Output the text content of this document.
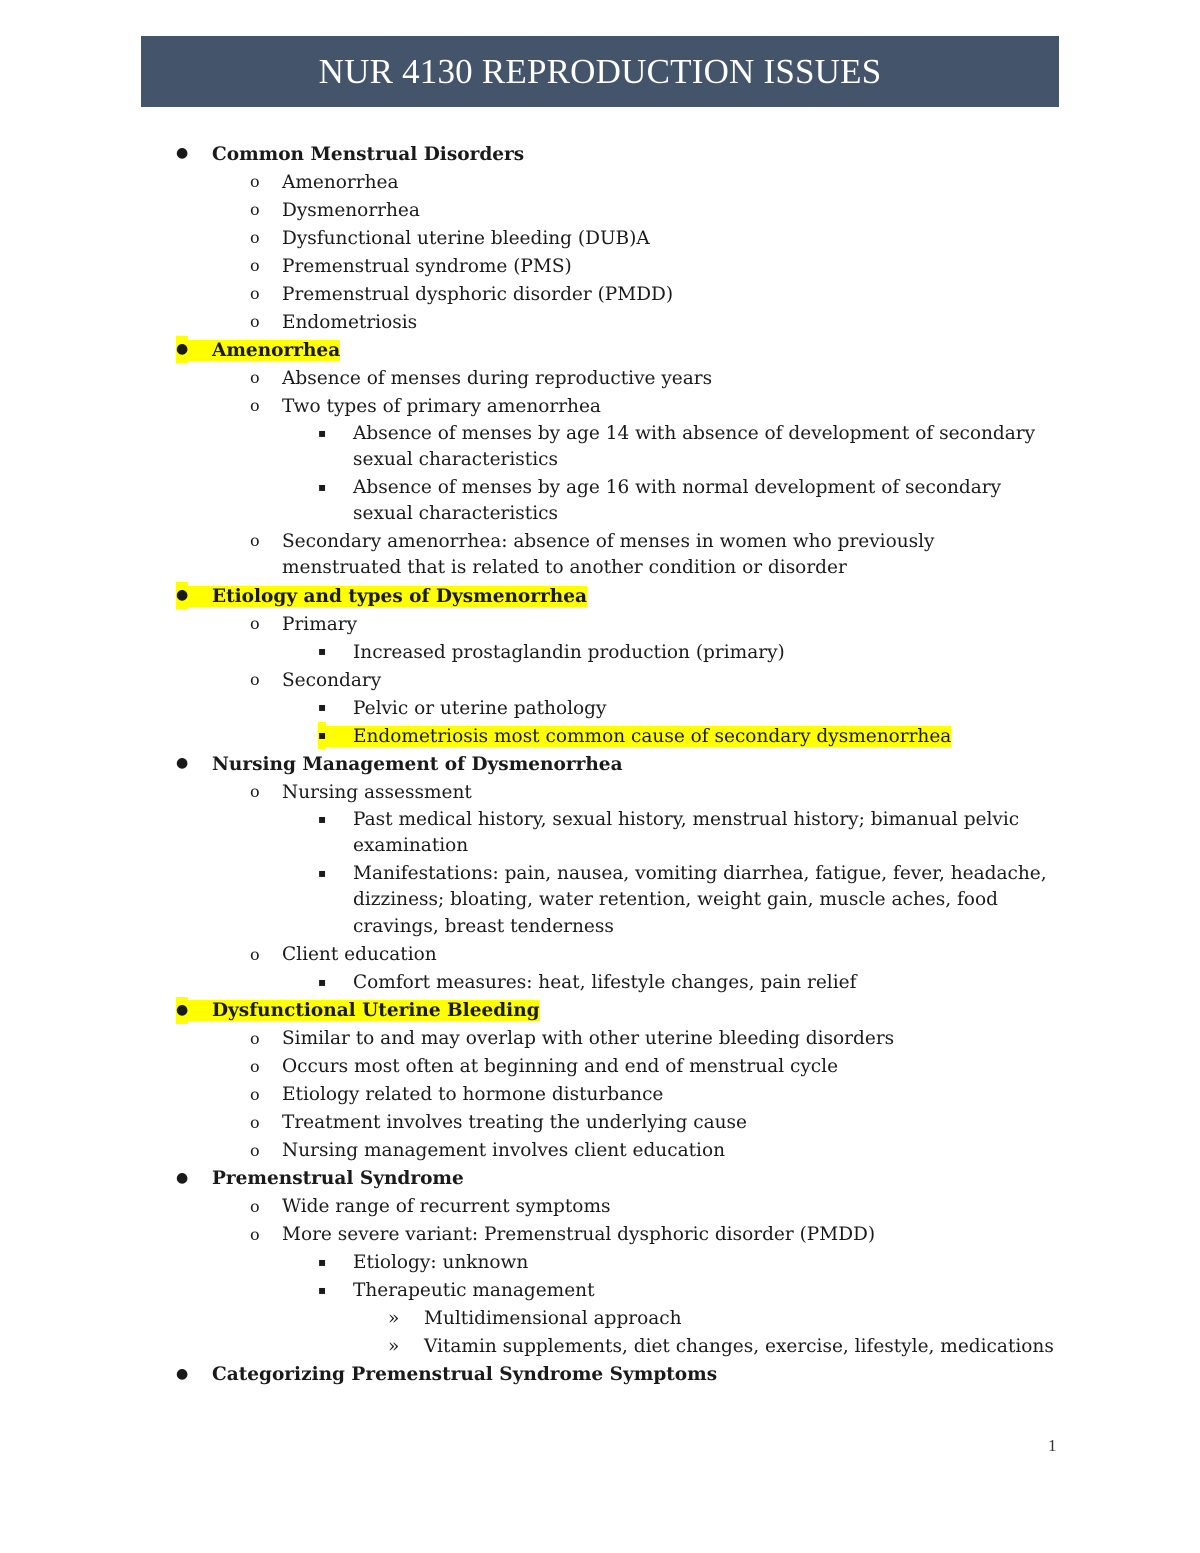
NUR 4130 REPRODUCTION ISSUES
● Common Menstrual Disorders
o Amenorrhea
o Dysmenorrhea
o Dysfunctional uterine bleeding (DUB)A
o Premenstrual syndrome (PMS)
o Premenstrual dysphoric disorder (PMDD)
o Endometriosis
● Amenorrhea
o Absence of menses during reproductive years
o Two types of primary amenorrhea
▪ Absence of menses by age 14 with absence of development of secondary sexual characteristics
▪ Absence of menses by age 16 with normal development of secondary sexual characteristics
o Secondary amenorrhea: absence of menses in women who previously menstruated that is related to another condition or disorder
● Etiology and types of Dysmenorrhea
o Primary
▪ Increased prostaglandin production (primary)
o Secondary
▪ Pelvic or uterine pathology
▪ Endometriosis most common cause of secondary dysmenorrhea
● Nursing Management of Dysmenorrhea
o Nursing assessment
▪ Past medical history, sexual history, menstrual history; bimanual pelvic examination
▪ Manifestations: pain, nausea, vomiting diarrhea, fatigue, fever, headache, dizziness; bloating, water retention, weight gain, muscle aches, food cravings, breast tenderness
o Client education
▪ Comfort measures: heat, lifestyle changes, pain relief
● Dysfunctional Uterine Bleeding
o Similar to and may overlap with other uterine bleeding disorders
o Occurs most often at beginning and end of menstrual cycle
o Etiology related to hormone disturbance
o Treatment involves treating the underlying cause
o Nursing management involves client education
● Premenstrual Syndrome
o Wide range of recurrent symptoms
o More severe variant: Premenstrual dysphoric disorder (PMDD)
▪ Etiology: unknown
▪ Therapeutic management
» Multidimensional approach
» Vitamin supplements, diet changes, exercise, lifestyle, medications
● Categorizing Premenstrual Syndrome Symptoms
1
